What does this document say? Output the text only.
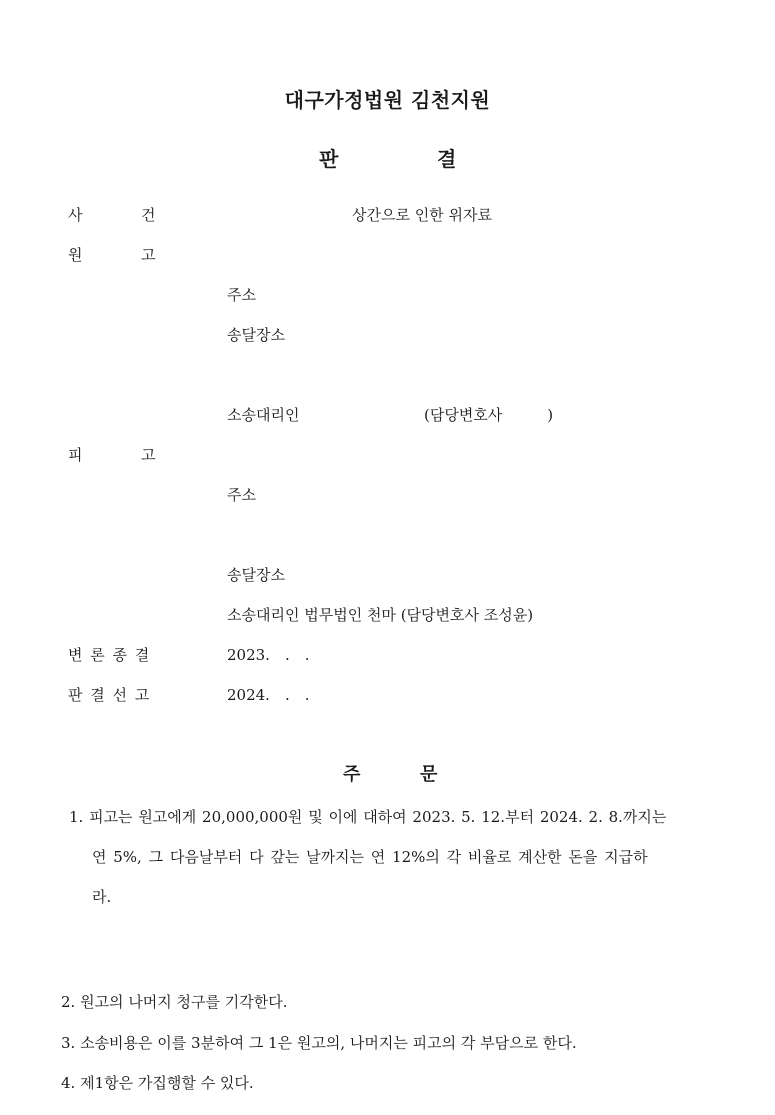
대구가정법원 김천지원
판	결
사	건	상간으로 인한 위자료
원	고
주소
송달장소
소송대리인	(담당변호사　　　)
피	고
주소
송달장소
소송대리인 법무법인 천마 (담당변호사 조성윤)
변 론 종 결	2023.　.　.
판 결 선 고	2024.　.　.
주	문
1. 피고는 원고에게 20,000,000원 및 이에 대하여 2023. 5. 12.부터 2024. 2. 8.까지는
연 5%, 그 다음날부터 다 갚는 날까지는 연 12%의 각 비율로 계산한 돈을 지급하
라.
2. 원고의 나머지 청구를 기각한다.
3. 소송비용은 이를 3분하여 그 1은 원고의, 나머지는 피고의 각 부담으로 한다.
4. 제1항은 가집행할 수 있다.
